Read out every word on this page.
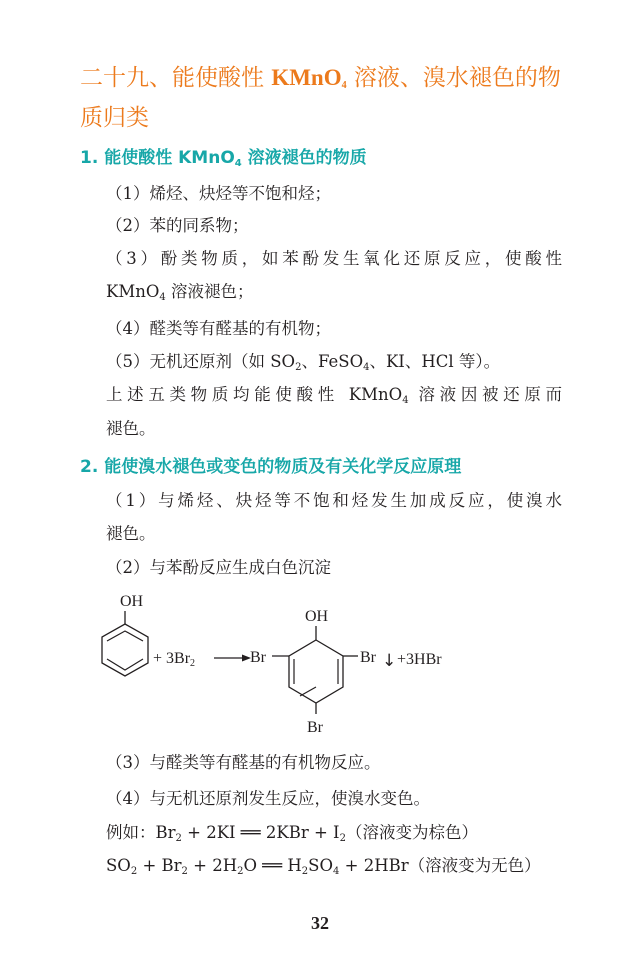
二十九、能使酸性 KMnO$_4$ 溶液、溴水褪色的物
质归类
1. 能使酸性 KMnO$_4$ 溶液褪色的物质
（1）烯烃、炔烃等不饱和烃；
（2）苯的同系物；
（3）酚类物质，如苯酚发生氧化还原反应，使酸性
KMnO$_4$ 溶液褪色；
（4）醛类等有醛基的有机物；
（5）无机还原剂（如 $SO_2$、FeSO$_4$、KI、HCl 等）。
上述五类物质均能使酸性 KMnO$_4$ 溶液因被还原而
褪色。
2. 能使溴水褪色或变色的物质及有关化学反应原理
（1）与烯烃、炔烃等不饱和烃发生加成反应，使溴水
褪色。
（2）与苯酚反应生成白色沉淀
OH
+ 3Br2
OH
Br	Br
Br
↓ +3HBr
（3）与醛类等有醛基的有机物反应。
（4）与无机还原剂发生反应，使溴水变色。
例如：$Br_2 + 2KI$ ══ $2KBr + I_2$（溶液变为棕色）
$SO_2 + Br_2 + 2H_2O$ ══ $H_2SO_4 + 2HBr$（溶液变为无色）
32
